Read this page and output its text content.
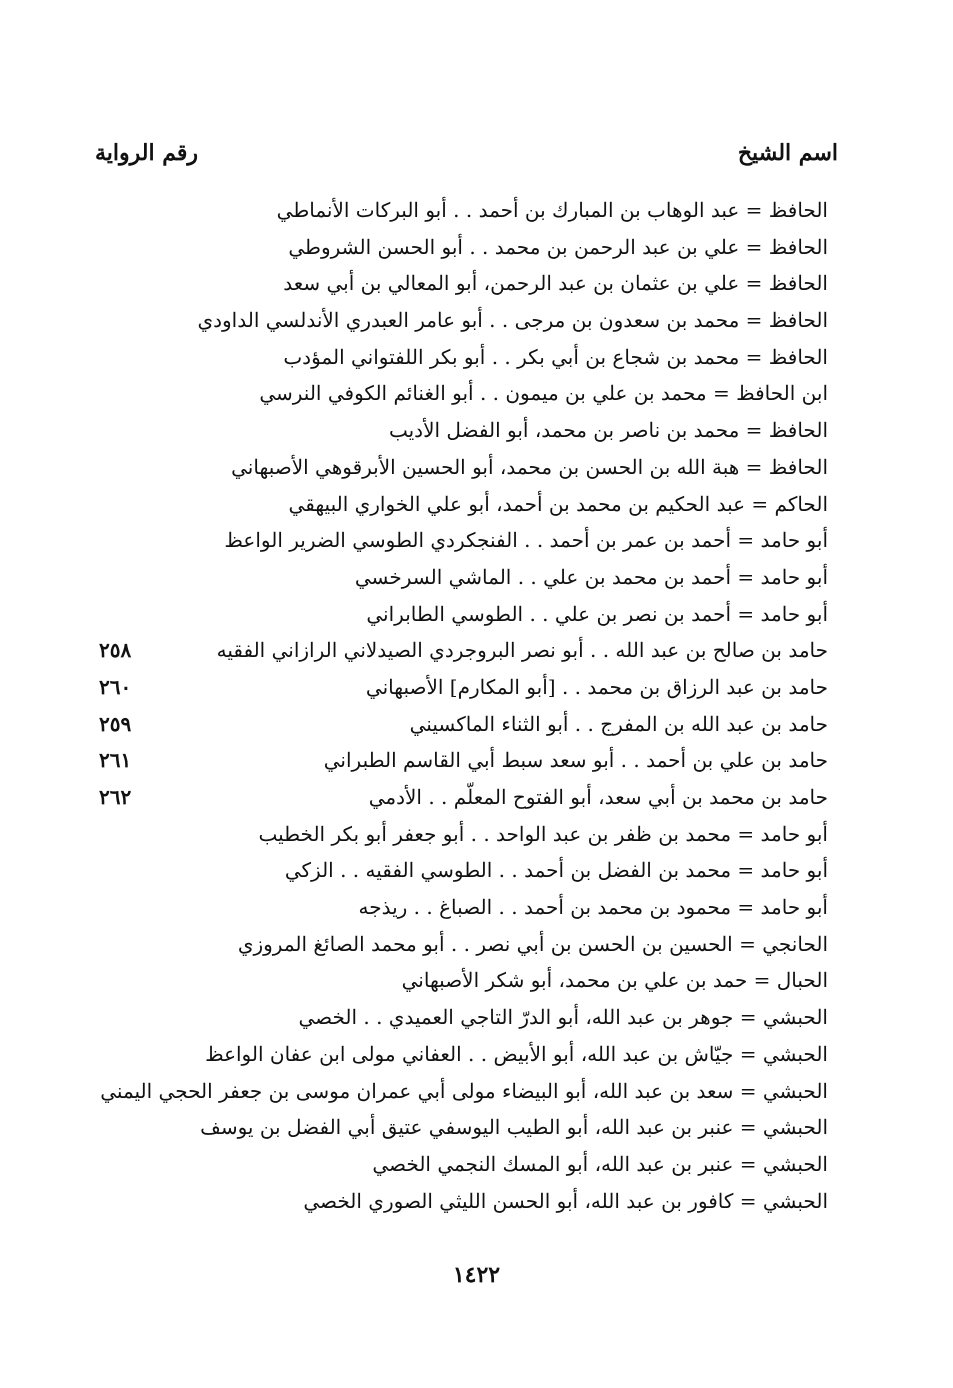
اسم الشيخ
رقم الرواية
الحافظ = عبد الوهاب بن المبارك بن أحمد . . أبو البركات الأنماطي
الحافظ = علي بن عبد الرحمن بن محمد . . أبو الحسن الشروطي
الحافظ = علي بن عثمان بن عبد الرحمن، أبو المعالي بن أبي سعد
الحافظ = محمد بن سعدون بن مرجى . . أبو عامر العبدري الأندلسي الداودي
الحافظ = محمد بن شجاع بن أبي بكر . . أبو بكر اللفتواني المؤدب
ابن الحافظ = محمد بن علي بن ميمون . . أبو الغنائم الكوفي النرسي
الحافظ = محمد بن ناصر بن محمد، أبو الفضل الأديب
الحافظ = هبة الله بن الحسن بن محمد، أبو الحسين الأبرقوهي الأصبهاني
الحاكم = عبد الحكيم بن محمد بن أحمد، أبو علي الخواري البيهقي
أبو حامد = أحمد بن عمر بن أحمد . . الفنجكردي الطوسي الضرير الواعظ
أبو حامد = أحمد بن محمد بن علي . . الماشي السرخسي
أبو حامد = أحمد بن نصر بن علي . . الطوسي الطابراني
حامد بن صالح بن عبد الله . . أبو نصر البروجردي الصيدلاني الرازاني الفقيه
٢٥٨
حامد بن عبد الرزاق بن محمد . . [أبو المكارم] الأصبهاني
٢٦٠
حامد بن عبد الله بن المفرج . . أبو الثناء الماكسيني
٢٥٩
حامد بن علي بن أحمد . . أبو سعد سبط أبي القاسم الطبراني
٢٦١
حامد بن محمد بن أبي سعد، أبو الفتوح المعلّم . . الأدمي
٢٦٢
أبو حامد = محمد بن ظفر بن عبد الواحد . . أبو جعفر أبو بكر الخطيب
أبو حامد = محمد بن الفضل بن أحمد . . الطوسي الفقيه . . الزكي
أبو حامد = محمود بن محمد بن أحمد . . الصباغ . . ريذجه
الحانجي = الحسين بن الحسن بن أبي نصر . . أبو محمد الصائغ المروزي
الحبال = حمد بن علي بن محمد، أبو شكر الأصبهاني
الحبشي = جوهر بن عبد الله، أبو الدرّ التاجي العميدي . . الخصي
الحبشي = جيّاش بن عبد الله، أبو الأبيض . . العفاني مولى ابن عفان الواعظ
الحبشي = سعد بن عبد الله، أبو البيضاء مولى أبي عمران موسى بن جعفر الحجي اليمني
الحبشي = عنبر بن عبد الله، أبو الطيب اليوسفي عتيق أبي الفضل بن يوسف
الحبشي = عنبر بن عبد الله، أبو المسك النجمي الخصي
الحبشي = كافور بن عبد الله، أبو الحسن الليثي الصوري الخصي
١٤٢٢
